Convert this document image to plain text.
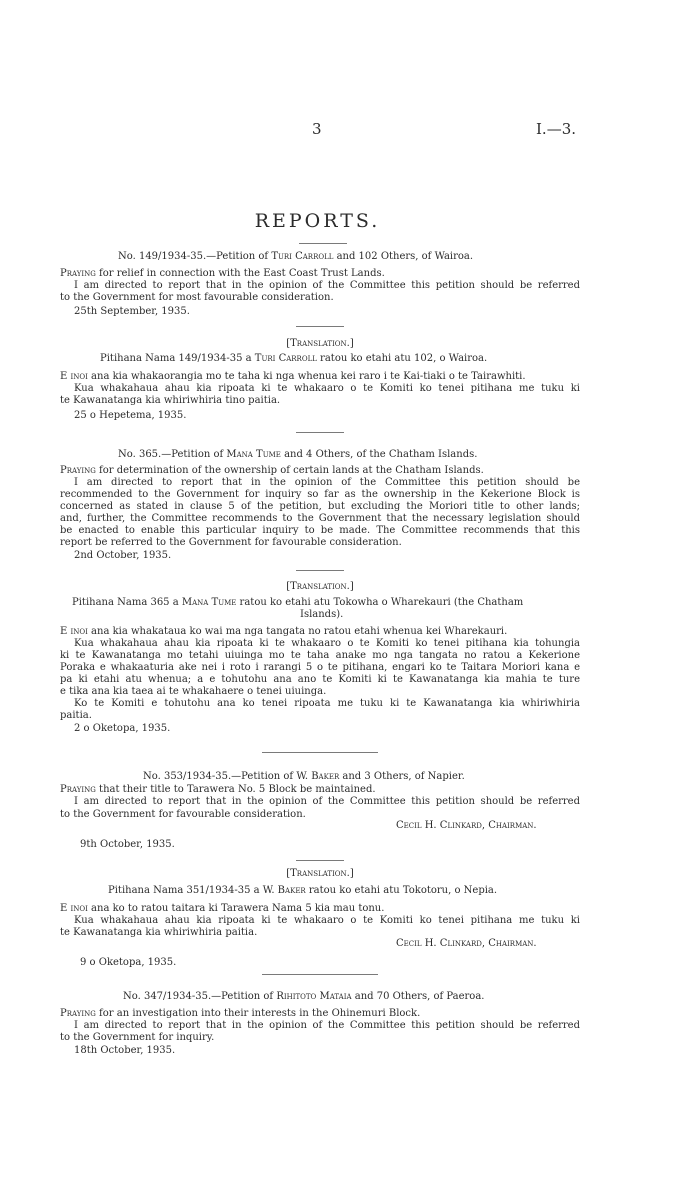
3	I.—3.
REPORTS.
No. 149/1934-35.—Petition of Turi Carroll and 102 Others, of Wairoa.
Praying for relief in connection with the East Coast Trust Lands.
I am directed to report that in the opinion of the Committee this petition should be referred
to the Government for most favourable consideration.
25th September, 1935.
[Translation.]
Pitihana Nama 149/1934-35 a Turi Carroll ratou ko etahi atu 102, o Wairoa.
E inoi ana kia whakaorangia mo te taha ki nga whenua kei raro i te Kai-tiaki o te Tairawhiti.
Kua whakahaua ahau kia ripoata ki te whakaaro o te Komiti ko tenei pitihana me tuku ki
te Kawanatanga kia whiriwhiria tino paitia.
25 o Hepetema, 1935.
No. 365.—Petition of Mana Tume and 4 Others, of the Chatham Islands.
Praying for determination of the ownership of certain lands at the Chatham Islands.
I am directed to report that in the opinion of the Committee this petition should be
recommended to the Government for inquiry so far as the ownership in the Kekerione Block is
concerned as stated in clause 5 of the petition, but excluding the Moriori title to other lands;
and, further, the Committee recommends to the Government that the necessary legislation should
be enacted to enable this particular inquiry to be made. The Committee recommends that this
report be referred to the Government for favourable consideration.
2nd October, 1935.
[Translation.]
Pitihana Nama 365 a Mana Tume ratou ko etahi atu Tokowha o Wharekauri (the Chatham
Islands).
E inoi ana kia whakatauа ko wai ma nga tangata no ratou etahi whenua kei Wharekauri.
Kua whakahaua ahau kia ripoata ki te whakaaro o te Komiti ko tenei pitihana kia tohungia
ki te Kawanatanga mo tetahi uiuinga mo te taha anake mo nga tangata no ratou a Kekerione
Poraka e whakaaturia ake nei i roto i rarangi 5 o te pitihana, engari ko te Taitara Moriori kana e
pa ki etahi atu whenua; a e tohutohu ana ano te Komiti ki te Kawanatanga kia mahia te ture
e tika ana kia taea ai te whakahaere o tenei uiuinga.
Ko te Komiti e tohutohu ana ko tenei ripoata me tuku ki te Kawanatanga kia whiriwhiria
paitia.
2 o Oketopa, 1935.
No. 353/1934-35.—Petition of W. Baker and 3 Others, of Napier.
Praying that their title to Tarawera No. 5 Block be maintained.
I am directed to report that in the opinion of the Committee this petition should be referred
to the Government for favourable consideration.
Cecil H. Clinkard, Chairman.
9th October, 1935.
[Translation.]
Pitihana Nama 351/1934-35 a W. Baker ratou ko etahi atu Tokotoru, o Nepia.
E inoi ana ko to ratou taitara ki Tarawera Nama 5 kia mau tonu.
Kua whakahaua ahau kia ripoata ki te whakaaro o te Komiti ko tenei pitihana me tuku ki
te Kawanatanga kia whiriwhiria paitia.
Cecil H. Clinkard, Chairman.
9 o Oketopa, 1935.
No. 347/1934-35.—Petition of Rihitoto Mataia and 70 Others, of Paeroa.
Praying for an investigation into their interests in the Ohinemuri Block.
I am directed to report that in the opinion of the Committee this petition should be referred
to the Government for inquiry.
18th October, 1935.
